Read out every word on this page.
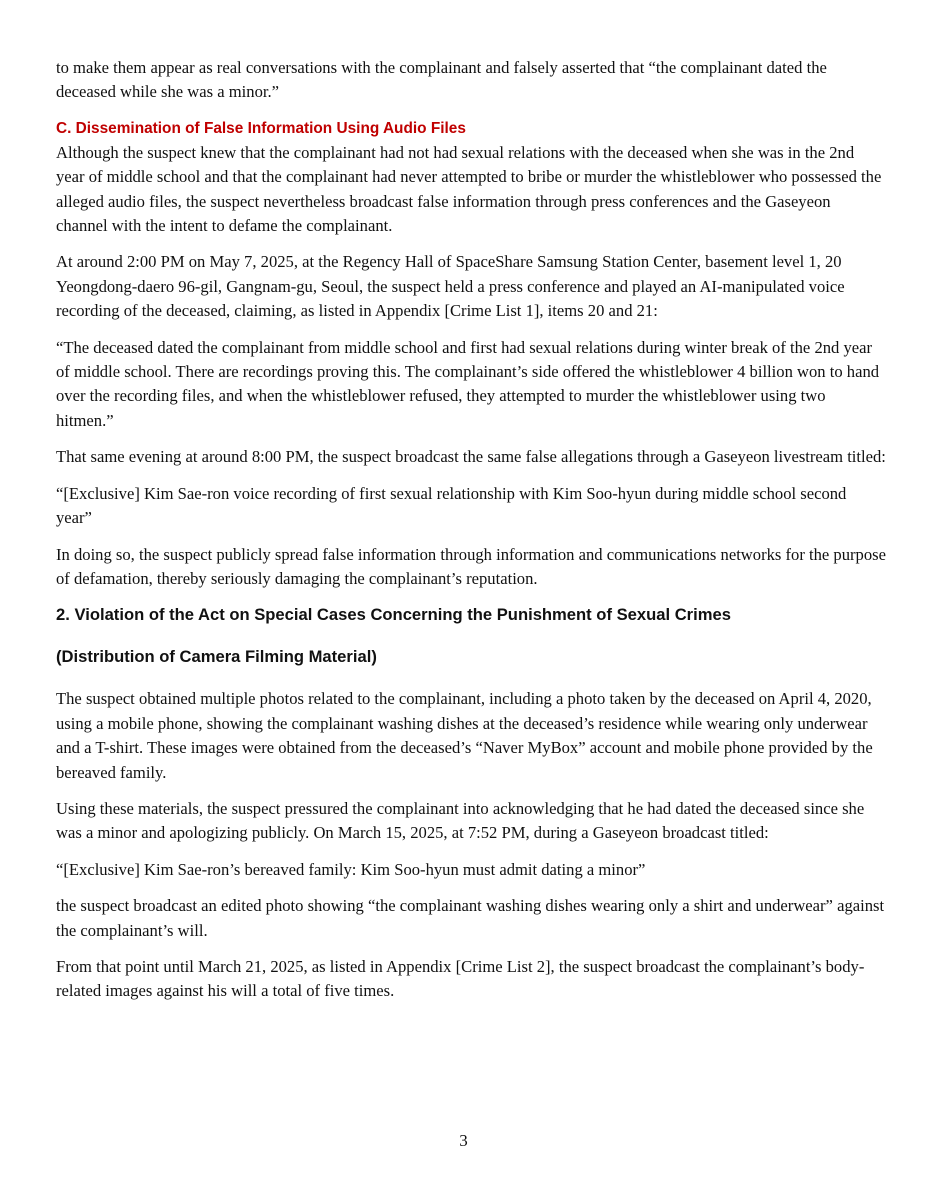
to make them appear as real conversations with the complainant and falsely asserted that “the complainant dated the deceased while she was a minor.”

C. Dissemination of False Information Using Audio Files

Although the suspect knew that the complainant had not had sexual relations with the deceased when she was in the 2nd year of middle school and that the complainant had never attempted to bribe or murder the whistleblower who possessed the alleged audio files, the suspect nevertheless broadcast false information through press conferences and the Gaseyeon channel with the intent to defame the complainant.

At around 2:00 PM on May 7, 2025, at the Regency Hall of SpaceShare Samsung Station Center, basement level 1, 20 Yeongdong-daero 96-gil, Gangnam-gu, Seoul, the suspect held a press conference and played an AI-manipulated voice recording of the deceased, claiming, as listed in Appendix [Crime List 1], items 20 and 21:

“The deceased dated the complainant from middle school and first had sexual relations during winter break of the 2nd year of middle school. There are recordings proving this. The complainant’s side offered the whistleblower 4 billion won to hand over the recording files, and when the whistleblower refused, they attempted to murder the whistleblower using two hitmen.”

That same evening at around 8:00 PM, the suspect broadcast the same false allegations through a Gaseyeon livestream titled:

“[Exclusive] Kim Sae-ron voice recording of first sexual relationship with Kim Soo-hyun during middle school second year”

In doing so, the suspect publicly spread false information through information and communications networks for the purpose of defamation, thereby seriously damaging the complainant’s reputation.

2. Violation of the Act on Special Cases Concerning the Punishment of Sexual Crimes
(Distribution of Camera Filming Material)

The suspect obtained multiple photos related to the complainant, including a photo taken by the deceased on April 4, 2020, using a mobile phone, showing the complainant washing dishes at the deceased’s residence while wearing only underwear and a T-shirt. These images were obtained from the deceased’s “Naver MyBox” account and mobile phone provided by the bereaved family.

Using these materials, the suspect pressured the complainant into acknowledging that he had dated the deceased since she was a minor and apologizing publicly. On March 15, 2025, at 7:52 PM, during a Gaseyeon broadcast titled:

“[Exclusive] Kim Sae-ron’s bereaved family: Kim Soo-hyun must admit dating a minor”

the suspect broadcast an edited photo showing “the complainant washing dishes wearing only a shirt and underwear” against the complainant’s will.

From that point until March 21, 2025, as listed in Appendix [Crime List 2], the suspect broadcast the complainant’s body-related images against his will a total of five times.

3
